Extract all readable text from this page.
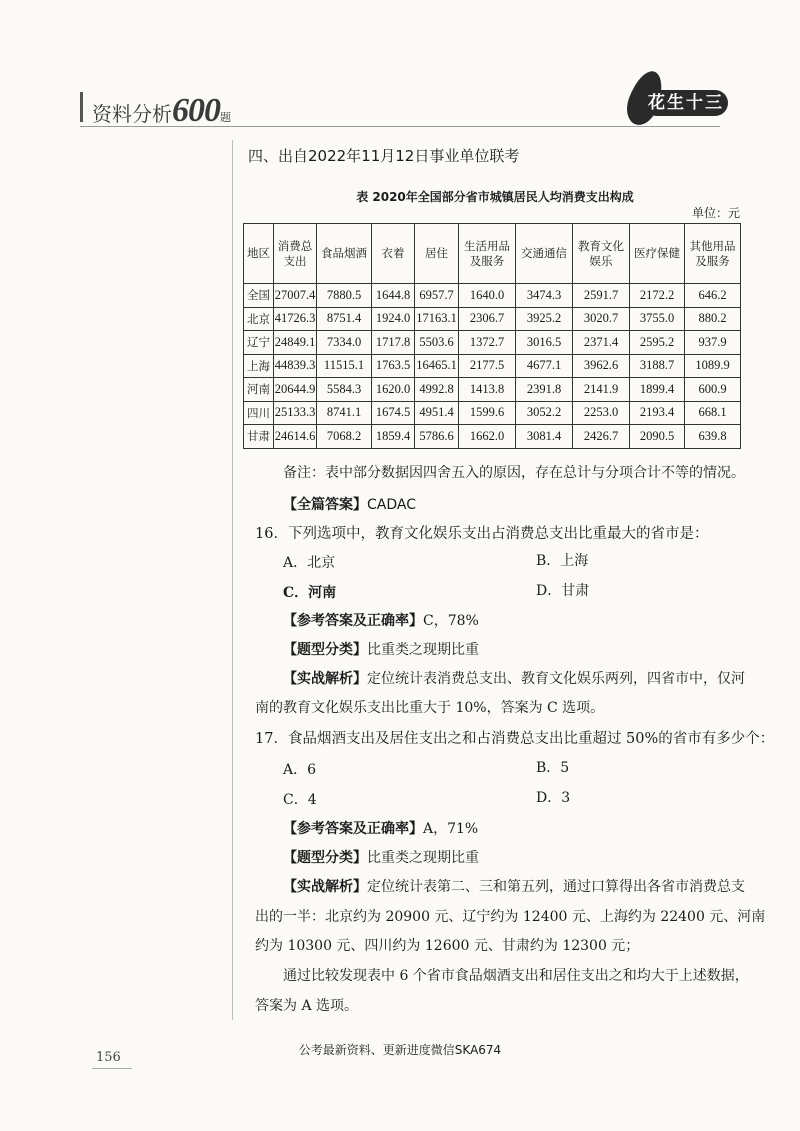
资料分析600题
花生十三
四、出自2022年11月12日事业单位联考
表 2020年全国部分省市城镇居民人均消费支出构成
单位：元
地区	消费总支出	食品烟酒	衣着	居住	生活用品及服务	交通通信	教育文化娱乐	医疗保健	其他用品及服务
全国	27007.4	7880.5	1644.8	6957.7	1640.0	3474.3	2591.7	2172.2	646.2
北京	41726.3	8751.4	1924.0	17163.1	2306.7	3925.2	3020.7	3755.0	880.2
辽宁	24849.1	7334.0	1717.8	5503.6	1372.7	3016.5	2371.4	2595.2	937.9
上海	44839.3	11515.1	1763.5	16465.1	2177.5	4677.1	3962.6	3188.7	1089.9
河南	20644.9	5584.3	1620.0	4992.8	1413.8	2391.8	2141.9	1899.4	600.9
四川	25133.3	8741.1	1674.5	4951.4	1599.6	3052.2	2253.0	2193.4	668.1
甘肃	24614.6	7068.2	1859.4	5786.6	1662.0	3081.4	2426.7	2090.5	639.8
备注：表中部分数据因四舍五入的原因，存在总计与分项合计不等的情况。
【全篇答案】CADAC
16．下列选项中，教育文化娱乐支出占消费总支出比重最大的省市是：
A．北京	B．上海
C．河南	D．甘肃
【参考答案及正确率】C，78%
【题型分类】比重类之现期比重
【实战解析】定位统计表消费总支出、教育文化娱乐两列，四省市中，仅河
南的教育文化娱乐支出比重大于 10%，答案为 C 选项。
17．食品烟酒支出及居住支出之和占消费总支出比重超过 50%的省市有多少个：
A．6	B．5
C．4	D．3
【参考答案及正确率】A，71%
【题型分类】比重类之现期比重
【实战解析】定位统计表第二、三和第五列，通过口算得出各省市消费总支
出的一半：北京约为 20900 元、辽宁约为 12400 元、上海约为 22400 元、河南
约为 10300 元、四川约为 12600 元、甘肃约为 12300 元；
通过比较发现表中 6 个省市食品烟酒支出和居住支出之和均大于上述数据，
答案为 A 选项。
公考最新资料、更新进度微信SKA674
156
